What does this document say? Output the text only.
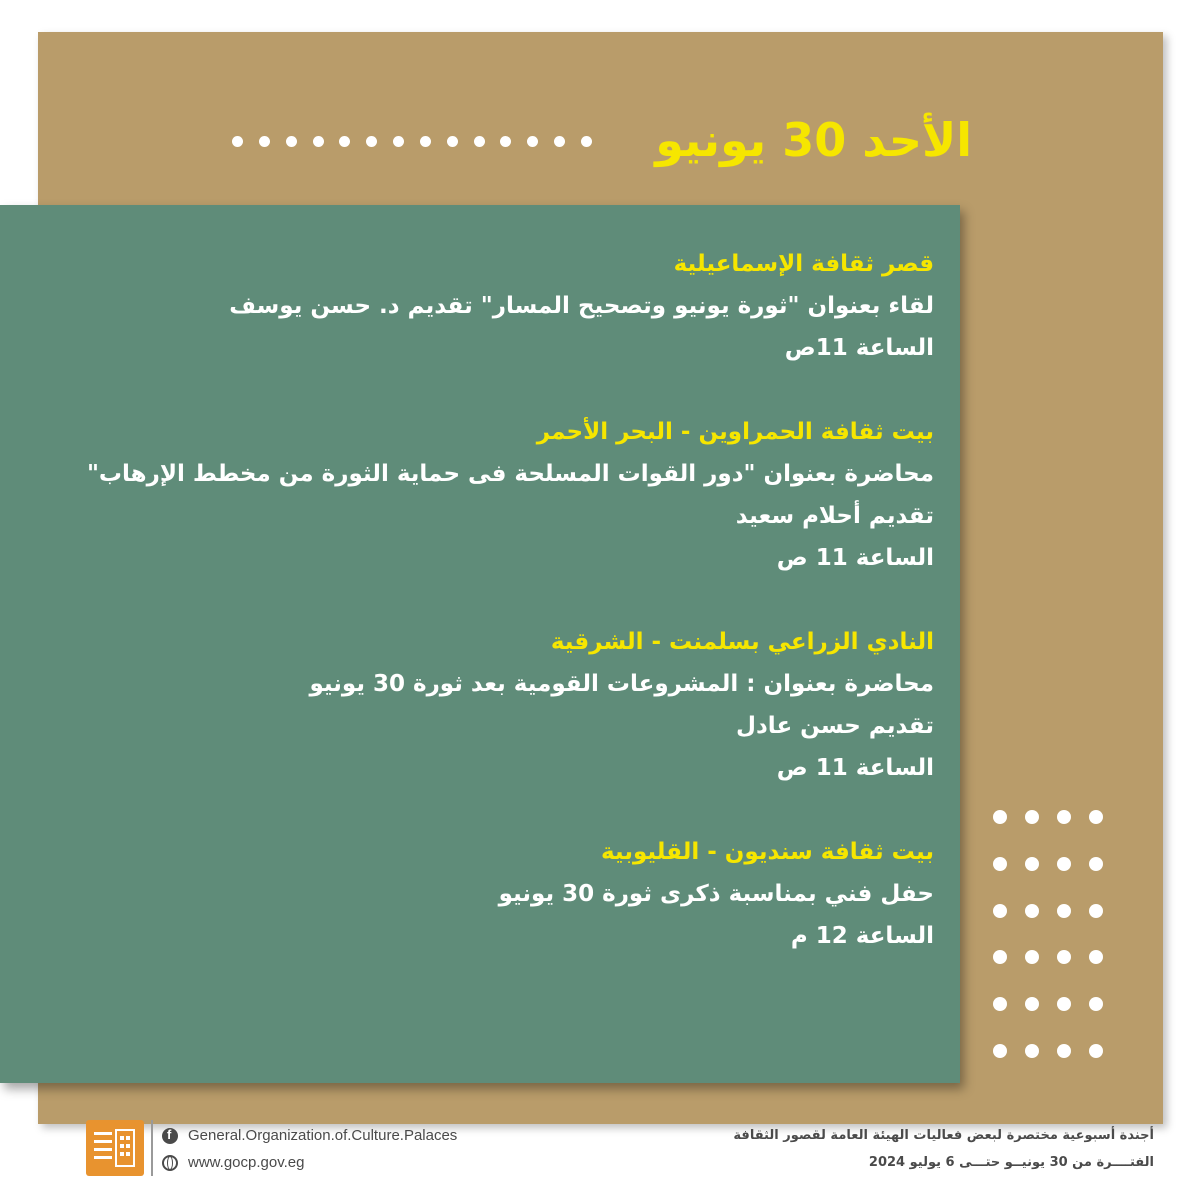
الأحد 30 يونيو
قصر ثقافة الإسماعيلية
لقاء بعنوان "ثورة يونيو وتصحيح المسار" تقديم د. حسن يوسف
الساعة 11ص
بيت ثقافة الحمراوين - البحر الأحمر
محاضرة بعنوان "دور القوات المسلحة فى حماية الثورة من مخطط الإرهاب"
تقديم أحلام سعيد
الساعة 11 ص
النادي الزراعي بسلمنت - الشرقية
محاضرة بعنوان : المشروعات القومية بعد ثورة 30 يونيو
تقديم حسن عادل
الساعة 11 ص
بيت ثقافة سنديون - القليوبية
حفل فني بمناسبة ذكرى ثورة 30 يونيو
الساعة 12 م
f
General.Organization.of.Culture.Palaces
www.gocp.gov.eg
أجندة أسبوعية مختصرة لبعض فعاليات الهيئة العامة لقصور الثقافة
الفتــــرة من 30 يونيــو حتـــى 6 يوليو 2024
